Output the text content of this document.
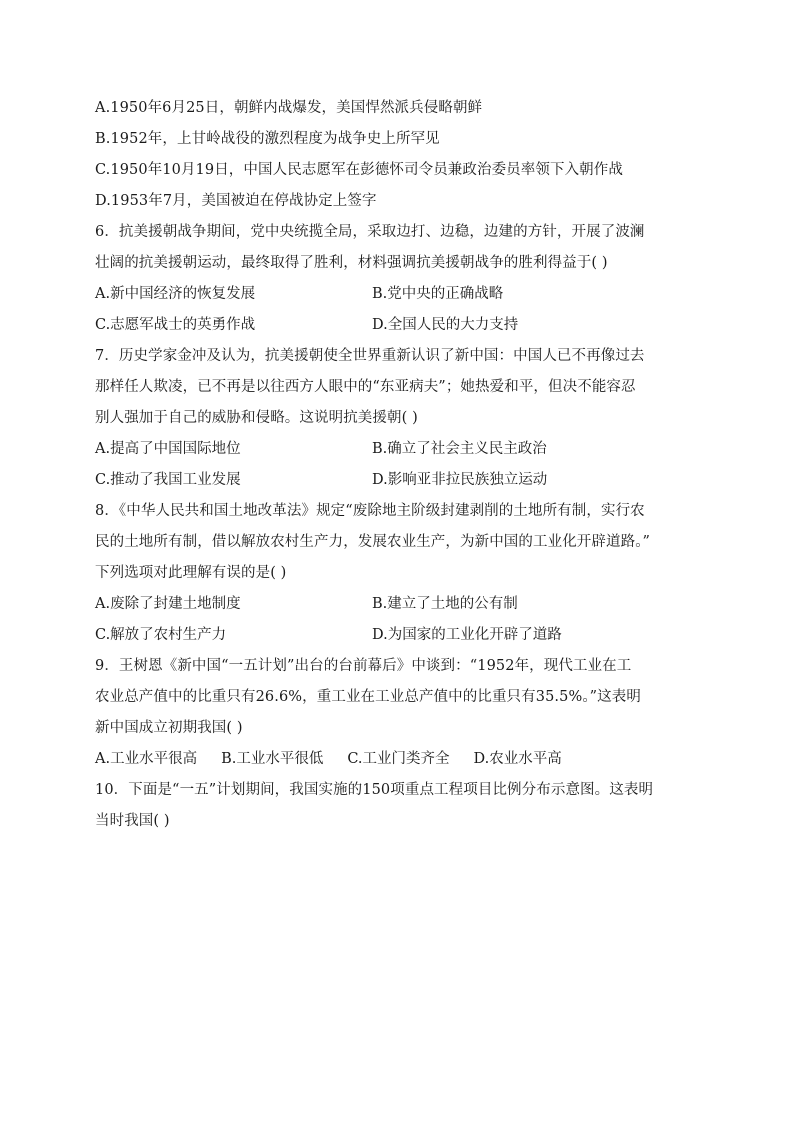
A.1950年6月25日，朝鲜内战爆发，美国悍然派兵侵略朝鲜
B.1952年，上甘岭战役的激烈程度为战争史上所罕见
C.1950年10月19日，中国人民志愿军在彭德怀司令员兼政治委员率领下入朝作战
D.1953年7月，美国被迫在停战协定上签字
6．抗美援朝战争期间，党中央统揽全局，采取边打、边稳，边建的方针，开展了波澜
壮阔的抗美援朝运动，最终取得了胜利，材料强调抗美援朝战争的胜利得益于( )
A.新中国经济的恢复发展	B.党中央的正确战略
C.志愿军战士的英勇作战	D.全国人民的大力支持
7．历史学家金冲及认为，抗美援朝使全世界重新认识了新中国：中国人已不再像过去
那样任人欺凌，已不再是以往西方人眼中的“东亚病夫”；她热爱和平，但决不能容忍
别人强加于自己的威胁和侵略。这说明抗美援朝( )
A.提高了中国国际地位	B.确立了社会主义民主政治
C.推动了我国工业发展	D.影响亚非拉民族独立运动
8．《中华人民共和国土地改革法》规定“废除地主阶级封建剥削的土地所有制，实行农
民的土地所有制，借以解放农村生产力，发展农业生产，为新中国的工业化开辟道路。”
下列选项对此理解有误的是( )
A.废除了封建土地制度	B.建立了土地的公有制
C.解放了农村生产力	D.为国家的工业化开辟了道路
9．王树恩《新中国“一五计划”出台的台前幕后》中谈到：“1952年，现代工业在工
农业总产值中的比重只有26.6%，重工业在工业总产值中的比重只有35.5%。”这表明
新中国成立初期我国( )
A.工业水平很高 B.工业水平很低 C.工业门类齐全 D.农业水平高
10．下面是“一五”计划期间，我国实施的150项重点工程项目比例分布示意图。这表明
当时我国( )
